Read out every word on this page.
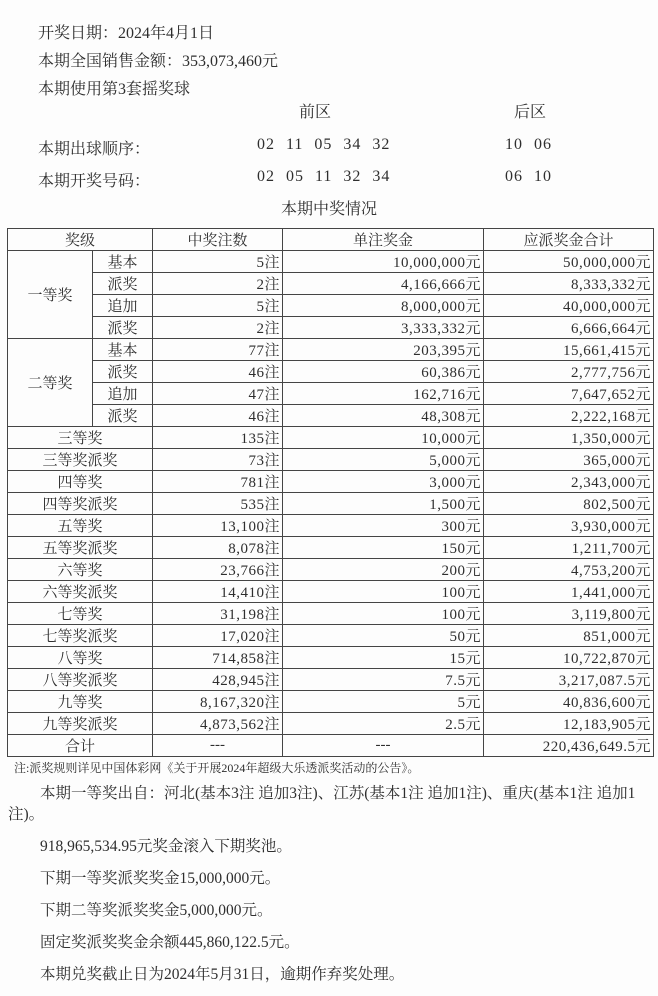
开奖日期：2024年4月1日
本期全国销售金额：353,073,460元
本期使用第3套摇奖球
前区	后区
本期出球顺序：	02 11 05 34 32	10 06
本期开奖号码：	02 05 11 32 34	06 10
本期中奖情况
奖级		中奖注数	单注奖金	应派奖金合计
一等奖	基本	5注	10,000,000元	50,000,000元
	派奖	2注	4,166,666元	8,333,332元
	追加	5注	8,000,000元	40,000,000元
	派奖	2注	3,333,332元	6,666,664元
二等奖	基本	77注	203,395元	15,661,415元
	派奖	46注	60,386元	2,777,756元
	追加	47注	162,716元	7,647,652元
	派奖	46注	48,308元	2,222,168元
三等奖		135注	10,000元	1,350,000元
三等奖派奖		73注	5,000元	365,000元
四等奖		781注	3,000元	2,343,000元
四等奖派奖		535注	1,500元	802,500元
五等奖		13,100注	300元	3,930,000元
五等奖派奖		8,078注	150元	1,211,700元
六等奖		23,766注	200元	4,753,200元
六等奖派奖		14,410注	100元	1,441,000元
七等奖		31,198注	100元	3,119,800元
七等奖派奖		17,020注	50元	851,000元
八等奖		714,858注	15元	10,722,870元
八等奖派奖		428,945注	7.5元	3,217,087.5元
九等奖		8,167,320注	5元	40,836,600元
九等奖派奖		4,873,562注	2.5元	12,183,905元
合计		---	---	220,436,649.5元
注:派奖规则详见中国体彩网《关于开展2024年超级大乐透派奖活动的公告》。

本期一等奖出自：河北(基本3注 追加3注)、江苏(基本1注 追加1注)、重庆(基本1注 追加1注)。

918,965,534.95元奖金滚入下期奖池。

下期一等奖派奖奖金15,000,000元。

下期二等奖派奖奖金5,000,000元。

固定奖派奖奖金余额445,860,122.5元。

本期兑奖截止日为2024年5月31日，逾期作弃奖处理。
